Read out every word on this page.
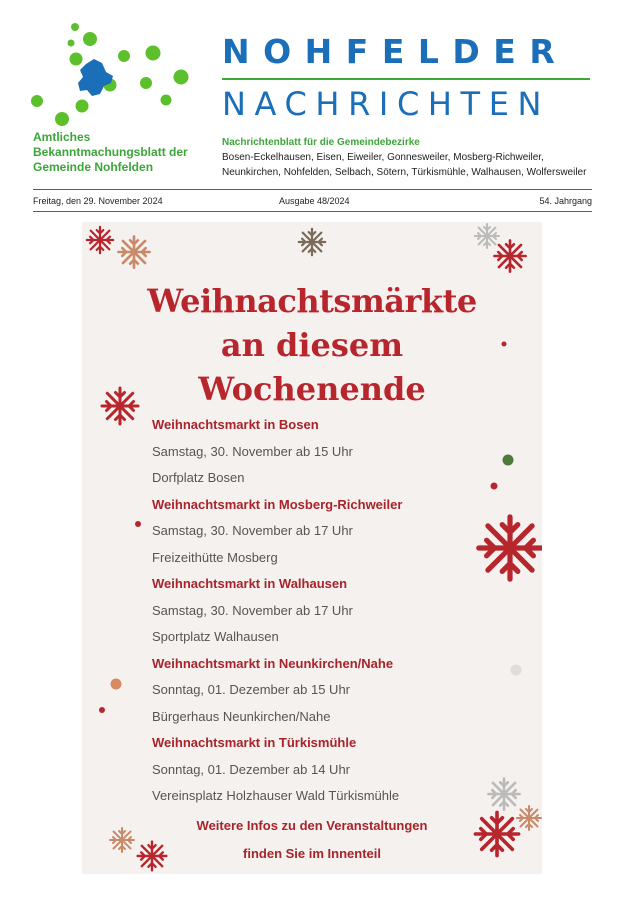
NOHFELDER
NACHRICHTEN
Amtliches
Bekanntmachungsblatt der
Gemeinde Nohfelden
Nachrichtenblatt für die Gemeindebezirke
Bosen-Eckelhausen, Eisen, Eiweiler, Gonnesweiler, Mosberg-Richweiler,
Neunkirchen, Nohfelden, Selbach, Sötern, Türkismühle, Walhausen, Wolfersweiler
Freitag, den 29. November 2024	Ausgabe 48/2024	54. Jahrgang
Weihnachtsmärkte
an diesem
Wochenende
Weihnachtsmarkt in Bosen
Samstag, 30. November ab 15 Uhr
Dorfplatz Bosen
Weihnachtsmarkt in Mosberg-Richweiler
Samstag, 30. November ab 17 Uhr
Freizeithütte Mosberg
Weihnachtsmarkt in Walhausen
Samstag, 30. November ab 17 Uhr
Sportplatz Walhausen
Weihnachtsmarkt in Neunkirchen/Nahe
Sonntag, 01. Dezember ab 15 Uhr
Bürgerhaus Neunkirchen/Nahe
Weihnachtsmarkt in Türkismühle
Sonntag, 01. Dezember ab 14 Uhr
Vereinsplatz Holzhauser Wald Türkismühle
Weitere Infos zu den Veranstaltungen
finden Sie im Innenteil
